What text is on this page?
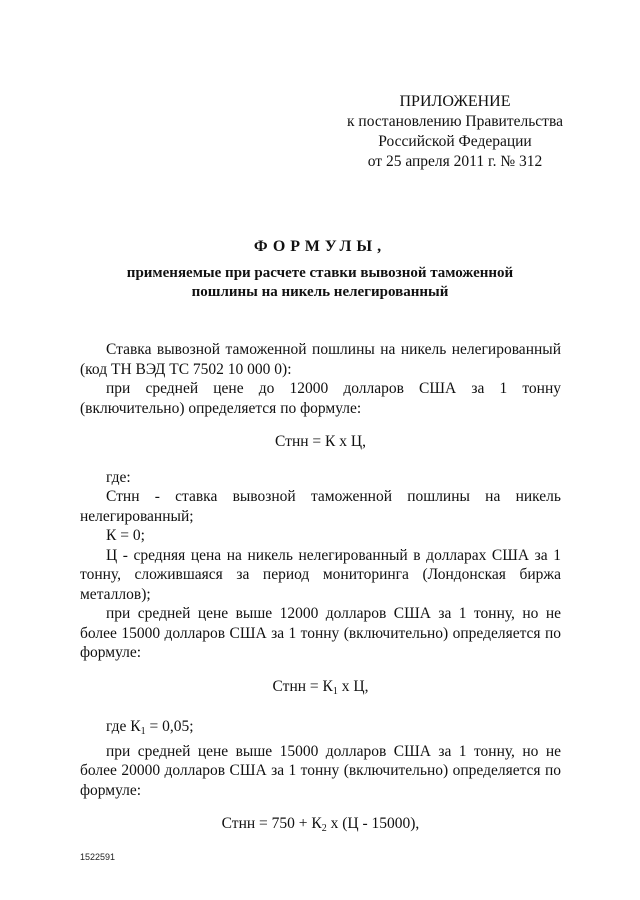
ПРИЛОЖЕНИЕ
к постановлению Правительства
Российской Федерации
от 25 апреля 2011 г. № 312
ФОРМУЛЫ,
применяемые при расчете ставки вывозной таможенной
пошлины на никель нелегированный

Ставка вывозной таможенной пошлины на никель нелегированный (код ТН ВЭД ТС 7502 10 000 0):

при средней цене до 12000 долларов США за 1 тонну (включительно) определяется по формуле:

Стнн = К х Ц,

где:

Стнн - ставка вывозной таможенной пошлины на никель нелегированный;

К = 0;

Ц - средняя цена на никель нелегированный в долларах США за 1 тонну, сложившаяся за период мониторинга (Лондонская биржа металлов);

при средней цене выше 12000 долларов США за 1 тонну, но не более 15000 долларов США за 1 тонну (включительно) определяется по формуле:

Стнн = $К_1$ х Ц,

где $К_1 = 0,05$;

при средней цене выше 15000 долларов США за 1 тонну, но не более 20000 долларов США за 1 тонну (включительно) определяется по формуле:

Стнн = $750 + К_2$ х (Ц - 15000),
1522591
